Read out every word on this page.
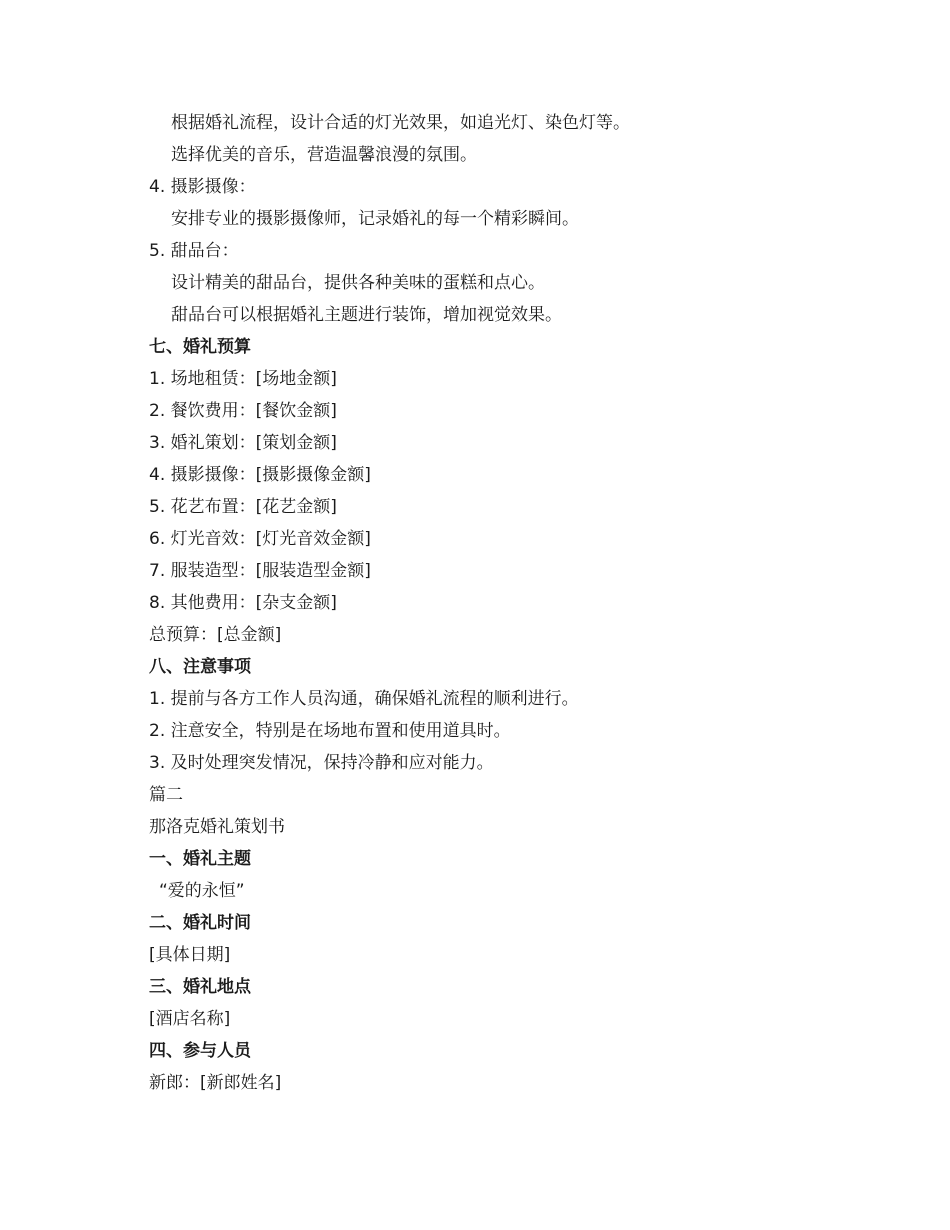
根据婚礼流程，设计合适的灯光效果，如追光灯、染色灯等。
选择优美的音乐，营造温馨浪漫的氛围。
4. 摄影摄像：
安排专业的摄影摄像师，记录婚礼的每一个精彩瞬间。
5. 甜品台：
设计精美的甜品台，提供各种美味的蛋糕和点心。
甜品台可以根据婚礼主题进行装饰，增加视觉效果。
七、婚礼预算
1. 场地租赁：[场地金额]
2. 餐饮费用：[餐饮金额]
3. 婚礼策划：[策划金额]
4. 摄影摄像：[摄影摄像金额]
5. 花艺布置：[花艺金额]
6. 灯光音效：[灯光音效金额]
7. 服装造型：[服装造型金额]
8. 其他费用：[杂支金额]
总预算：[总金额]
八、注意事项
1. 提前与各方工作人员沟通，确保婚礼流程的顺利进行。
2. 注意安全，特别是在场地布置和使用道具时。
3. 及时处理突发情况，保持冷静和应对能力。
篇二
那洛克婚礼策划书
一、婚礼主题
“爱的永恒”
二、婚礼时间
[具体日期]
三、婚礼地点
[酒店名称]
四、参与人员
新郎：[新郎姓名]
